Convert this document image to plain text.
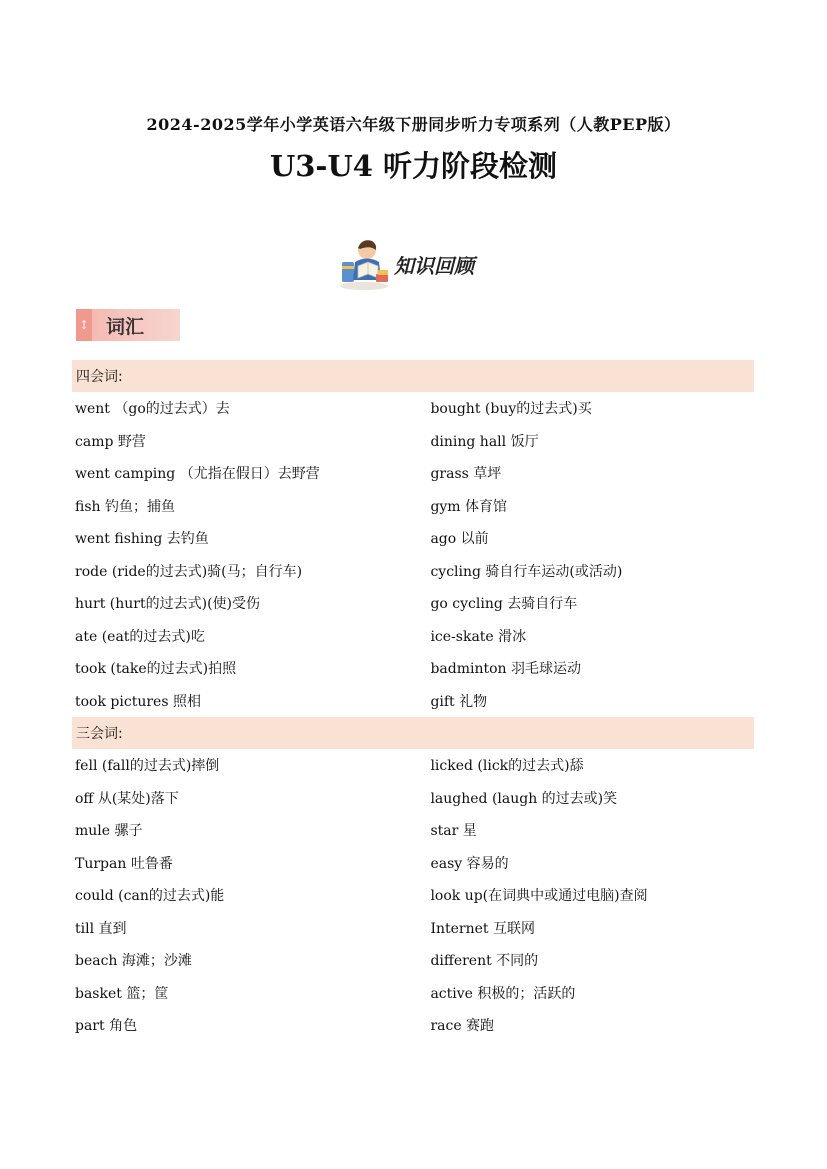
2024-2025学年小学英语六年级下册同步听力专项系列（人教PEP版）
U3-U4 听力阶段检测
知识回顾
↕ 词汇
四会词:
went （go的过去式）去	bought (buy的过去式)买
camp 野营	dining hall 饭厅
went camping （尤指在假日）去野营	grass 草坪
fish 钓鱼；捕鱼	gym 体育馆
went fishing 去钓鱼	ago 以前
rode (ride的过去式)骑(马；自行车)	cycling 骑自行车运动(或活动)
hurt (hurt的过去式)(使)受伤	go cycling 去骑自行车
ate (eat的过去式)吃	ice-skate 滑冰
took (take的过去式)拍照	badminton 羽毛球运动
took pictures 照相	gift 礼物
三会词:
fell (fall的过去式)摔倒	licked (lick的过去式)舔
off 从(某处)落下	laughed (laugh 的过去或)笑
mule 骡子	star 星
Turpan 吐鲁番	easy 容易的
could (can的过去式)能	look up(在词典中或通过电脑)查阅
till 直到	Internet 互联网
beach 海滩；沙滩	different 不同的
basket 篮；筐	active 积极的；活跃的
part 角色	race 赛跑
